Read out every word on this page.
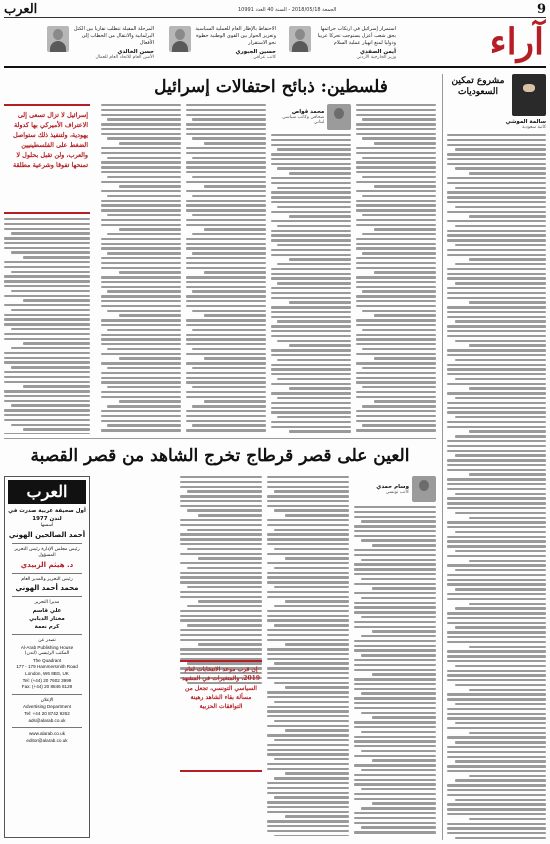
9
الجمعة 2018/05/18 - السنة 40 العدد 10991
العرب
آراء
استمرار إسرائيل في ارتكاب جرائمها بحق شعب أعزل يستوجب تحركا عربيا ودوليا لمنع انهيار عملية السلام
أيمن الصفدي
وزير الخارجية الأردني
الاحتفاظ بالإطار العام للعملية السياسية وتعزيز الحوار بين القوى الوطنية خطوة نحو الاستقرار
حسين الجبوري
كاتب عراقي
المرحلة المقبلة تتطلب تقاربا بين الكتل البرلمانية والانتقال من الخطاب إلى الأفعال
حسن الخالدي
الأمين العام للاتحاد العام للعمال
مشروع تمكين السعوديات
سالمة الموشي
كاتبة سعودية
فلسطين: ذبائح احتفالات إسرائيل
محمد قواص
صحافي وكاتب سياسي لبناني
إسرائيل لا تزال تسعى إلى الاعتراف الأميركي بها كدولة يهودية، ولتنفيذ ذلك ستواصل الضغط على الفلسطينيين والعرب، ولن تقبل بحلول لا تمنحها تفوقا وشرعية مطلقة
العين على قصر قرطاج تخرج الشاهد من قصر القصبة
وسام حمدي
كاتب تونسي
إن قرب موعد الانتخابات لعام 2019، والمتغيرات في المشهد السياسي التونسي، تجعل من مسألة بقاء الشاهد رهينة التوافقات الحزبية
العرب
أول صحيفة عربية صدرت في لندن 1977
أسسها
أحمد الصالحين الهوني
رئيس مجلس الإدارة رئيس التحرير المسؤول
د. هيثم الزبيدي
رئيس التحرير والمدير العام
محمد أحمد الهوني
مديرا التحرير
علي قاسم
مختار الدبابي
كرم نعمة
تصدر عن
Al-Arab Publishing House
المكتب الرئيسي (لندن)
The Quadrant
177 - 179 Hammersmith Road
London, W6 8BS, UK
Tel: (+44) 20 7602 3999
Fax: (+44) 20 8846 8129
الإعلان
Advertising Department
Tel: +44 20 8742 9262
ads@alarab.co.uk
www.alarab.co.uk
editor@alarab.co.uk
